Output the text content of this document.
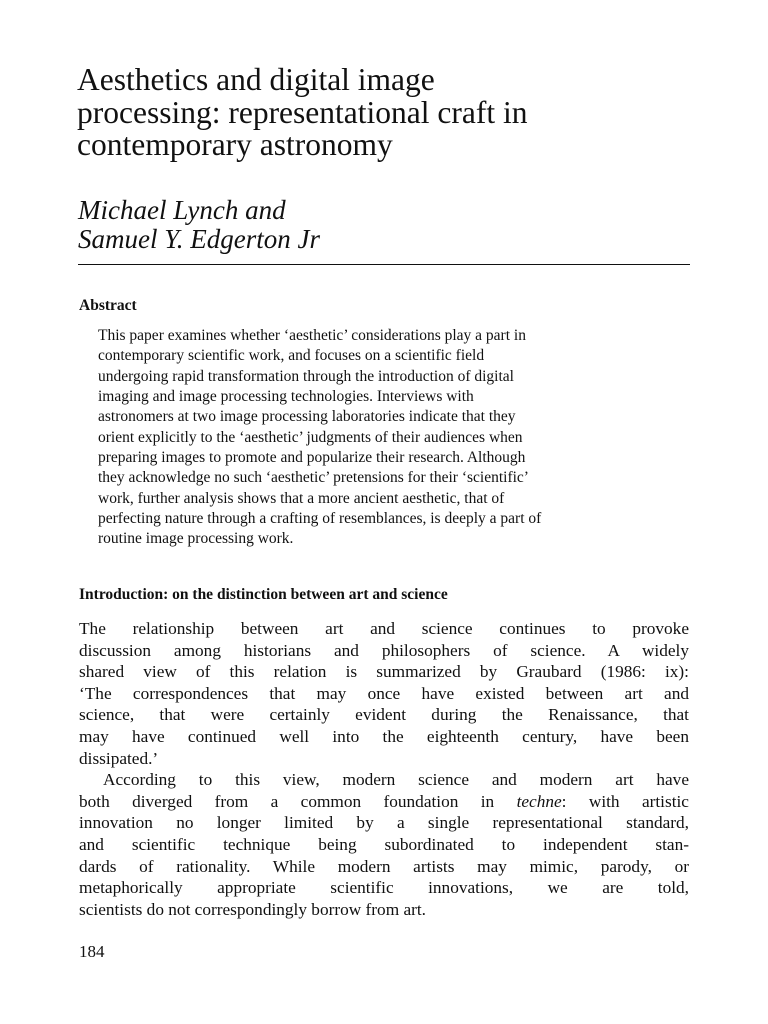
Aesthetics and digital image
processing: representational craft in
contemporary astronomy
Michael Lynch and
Samuel Y. Edgerton Jr
Abstract

This paper examines whether ‘aesthetic’ considerations play a part in
contemporary scientific work, and focuses on a scientific field
undergoing rapid transformation through the introduction of digital
imaging and image processing technologies. Interviews with
astronomers at two image processing laboratories indicate that they
orient explicitly to the ‘aesthetic’ judgments of their audiences when
preparing images to promote and popularize their research. Although
they acknowledge no such ‘aesthetic’ pretensions for their ‘scientific’
work, further analysis shows that a more ancient aesthetic, that of
perfecting nature through a crafting of resemblances, is deeply a part of
routine image processing work.

Introduction: on the distinction between art and science
The relationship between art and science continues to provoke
discussion among historians and philosophers of science. A widely
shared view of this relation is summarized by Graubard (1986: ix):
‘The correspondences that may once have existed between art and
science, that were certainly evident during the Renaissance, that
may have continued well into the eighteenth century, have been
dissipated.’
According to this view, modern science and modern art have
both diverged from a common foundation in techne: with artistic
innovation no longer limited by a single representational standard,
and scientific technique being subordinated to independent stan-
dards of rationality. While modern artists may mimic, parody, or
metaphorically appropriate scientific innovations, we are told,
scientists do not correspondingly borrow from art.
184
